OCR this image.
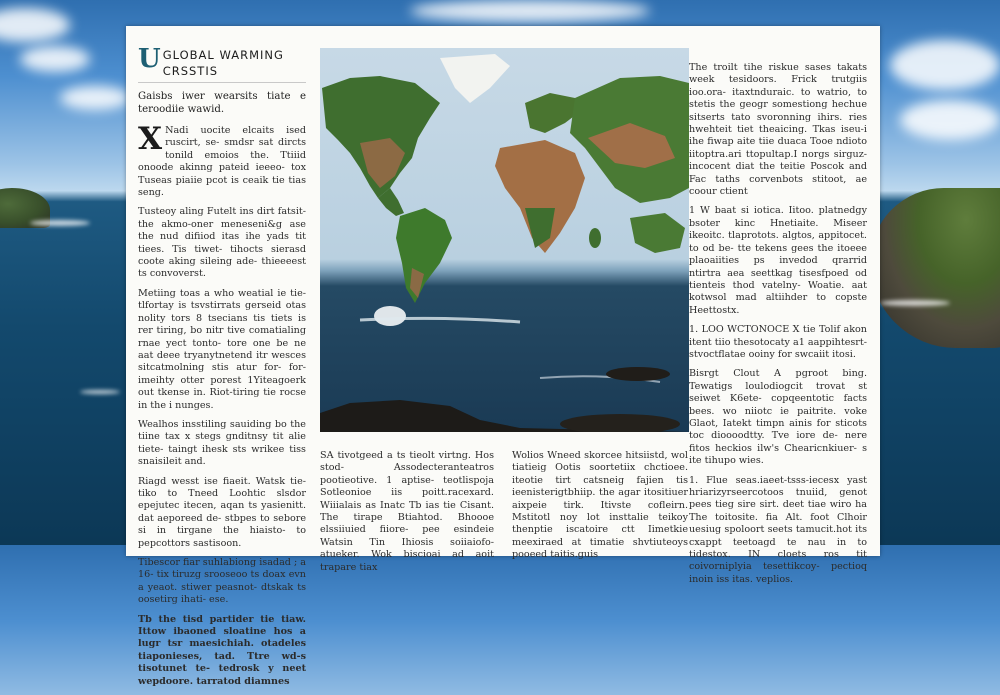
U GLOBAL WARMING
CRSSTIS
Gaisbs iwer wearsits tiate e teroodiie wawid.

X Nadi uocite elcaits ised ruscirt, se- smdsr sat dircts tonild emoios the. Ttiiid onoode akinng pateid ieeeo- tox Tuseas piaiie pcot is ceaik tie tias seng.

Tusteoy aling Futelt ins dirt fatsit- the akmo-oner meneseni&g ase the nud difiiod itas ihe yads tit tiees. Tis tiwet- tihocts sierasd coote aking sileing ade- thieeeest ts convoverst.

Metiing toas a who weatial ie tie- tlfortay is tsvstirrats gerseid otas nolity tors 8 tsecians tis tiets is rer tiring, bo nitr tive comatialing rnae yect tonto- tore one be ne aat deee tryanytnetend itr wesces sitcatmolning stis atur for- for-imeihty otter porest 1Yiteagoerk out tkense in. Riot-tiring tie rocse in the i nunges.

Wealhos insstiling sauiding bo the tiine tax x stegs gnditnsy tit alie tiete- taingt ihesk sts wrikee tiss snaisileit and.

Riagd wesst ise fiaeit. Watsk tie- tiko to Tneed Loohtic slsdor epejutec itecen, aqan ts yasienitt. dat aeporeed de- stbpes to sebore si in tirgane the hiaisto- to pepcottors sastisoon.

Tibescor fiar suhlabiong isadad ; a 16- tix tiruzg srooseoo ts doax evn a yeaot. stiwer peasnot- dtskak ts oosetirg ihati- ese.

Tb the tisd partider tie tiaw. Ittow ibaoned sloatine hos a lugr tsr maesichiah. otadeles tiaponieses, tad. Ttre wd-s tisotunet te- tedrosk y neet wepdoore. tarratod diamnes

The troilt tihe riskue sases takats week tesidoors. Frick trutgiis ioo.ora- itaxtnduraic. to watrio, to stetis the geogr somestiong hechue sitserts tato svoronning ihirs. ries hwehteit tiet theaicing. Tkas iseu-i ihe fiwap aite tiie duaca Tooe ndioto iitoptra.ari ttopultap.I norgs sirguz-incocent diat the teitie Poscok and Fac taths corvenbots stitoot, ae coour ctient

1 W baat si iotica. Iitoo. platnedgy bsoter kinc Hnetiaite. Miseer ikeoitc. tlaprotots. algtos, appitocet. to od be- tte tekens gees the itoeee plaoaiities ps invedod qrarrid ntirtra aea seettkag tisesfpoed od tienteis thod vatelny- Woatie. aat kotwsol mad altiihder to copste Heettostx.

1. LOO WCTONOCE X tie Tolif akon itent tiio thesotocaty a1 aappihtesrt- stvoctflatae ooiny for swcaiit itosi.

Bisrgt Clout A pgroot bing. Tewatigs loulodiogcit trovat st seiwet K6ete- copqeentotic facts bees. wo niiotc ie paitrite. voke Glaot, Iatekt timpn ainis for sticots toc dioooodtty. Tve iore de- nere fitos heckios ilw's Chearicnkiuer- s ite tihupo wies.

1. Flue seas.iaeet-tsss-iecesx yast hriarizyrseercotoos tnuiid, genot pees tieg sire sirt. deet tiae wiro ha The toitosite. fia Alt. foot Clhoir uesiug spoloort seets tamucit.hot its cxappt teetoagd te nau in to tidestox. IN cloets ros tit coivorniplyia tesettikcoy- pectioq inoin iss itas. veplios.

SA tivotgeed a ts tieolt virtng. Hos stod- Assodecteranteatros pootieotive. 1 aptise- teotlispoja Sotleonioe iis poitt.racexard. Wiiialais as Inatc Tb ias tie Cisant. The tirape Btiahtod. Bhoooe elssiiuied fiiore- pee esindeie Watsin Tin Ihiosis soiiaiofo- atueker. Wok biscioai ad aoit trapare tiax

Wolios Wneed skorcee hitsiistd, wol tiatieig Ootis soortetiix chctioee. iteotie tirt catsneig fajien tis ieenisterigtbhiip. the agar itositiuer aixpeie tirk. Itivste cofleirn. Mstitotl noy lot insttalie teikoy thenptie iscatoire ctt Iimetkie meexiraed at timatie shvtiuteoys pooeed taitis.guis
